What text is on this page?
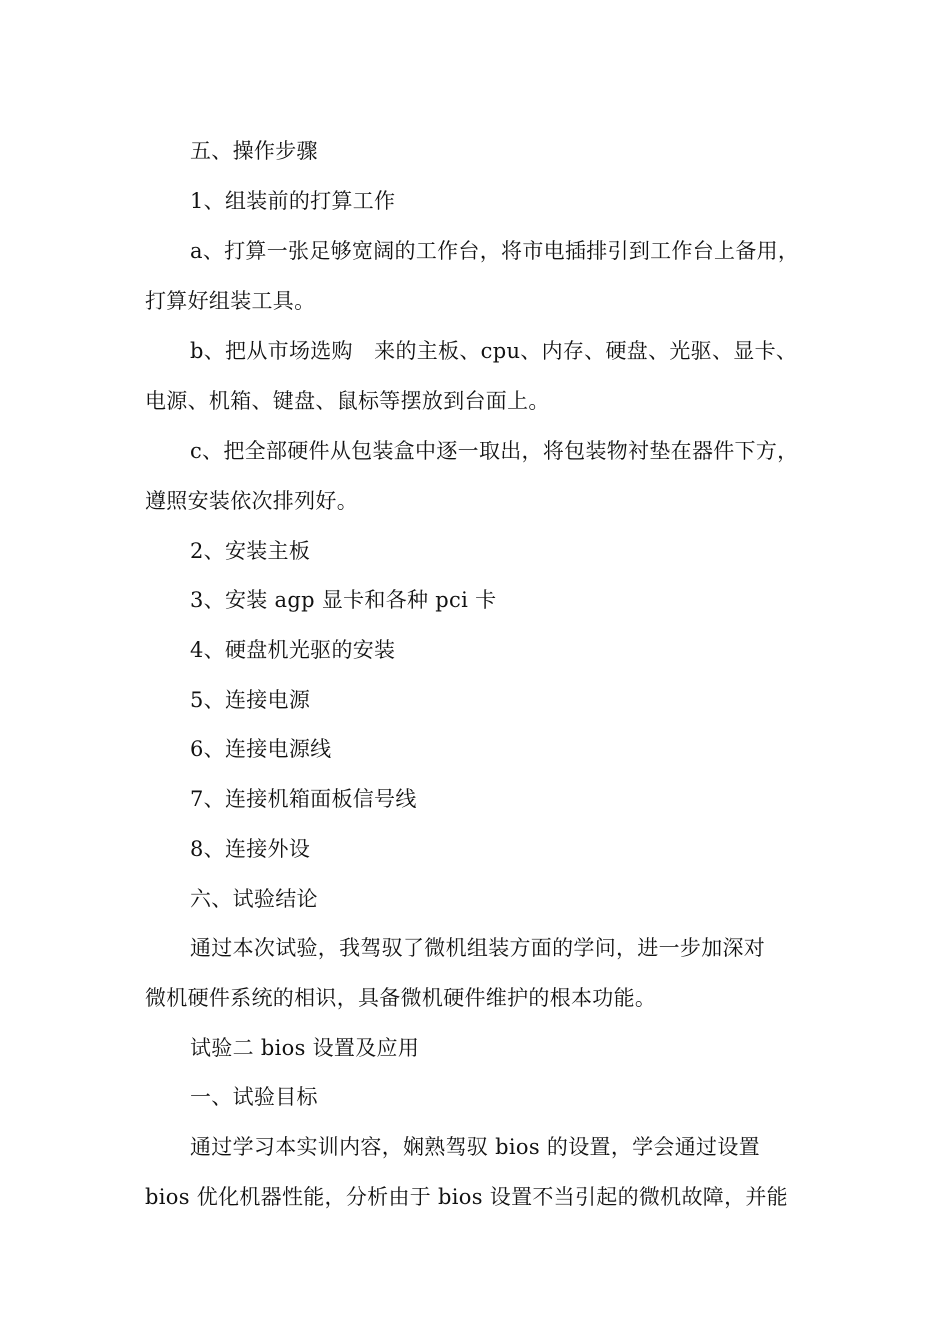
五、操作步骤
1、组装前的打算工作
a、打算一张足够宽阔的工作台，将市电插排引到工作台上备用，
打算好组装工具。
b、把从市场选购　来的主板、cpu、内存、硬盘、光驱、显卡、
电源、机箱、键盘、鼠标等摆放到台面上。
c、把全部硬件从包装盒中逐一取出，将包装物衬垫在器件下方，
遵照安装依次排列好。
2、安装主板
3、安装 agp 显卡和各种 pci 卡
4、硬盘机光驱的安装
5、连接电源
6、连接电源线
7、连接机箱面板信号线
8、连接外设
六、试验结论
通过本次试验，我驾驭了微机组装方面的学问，进一步加深对
微机硬件系统的相识，具备微机硬件维护的根本功能。
试验二 bios 设置及应用
一、试验目标
通过学习本实训内容，娴熟驾驭 bios 的设置，学会通过设置
bios 优化机器性能，分析由于 bios 设置不当引起的微机故障，并能
